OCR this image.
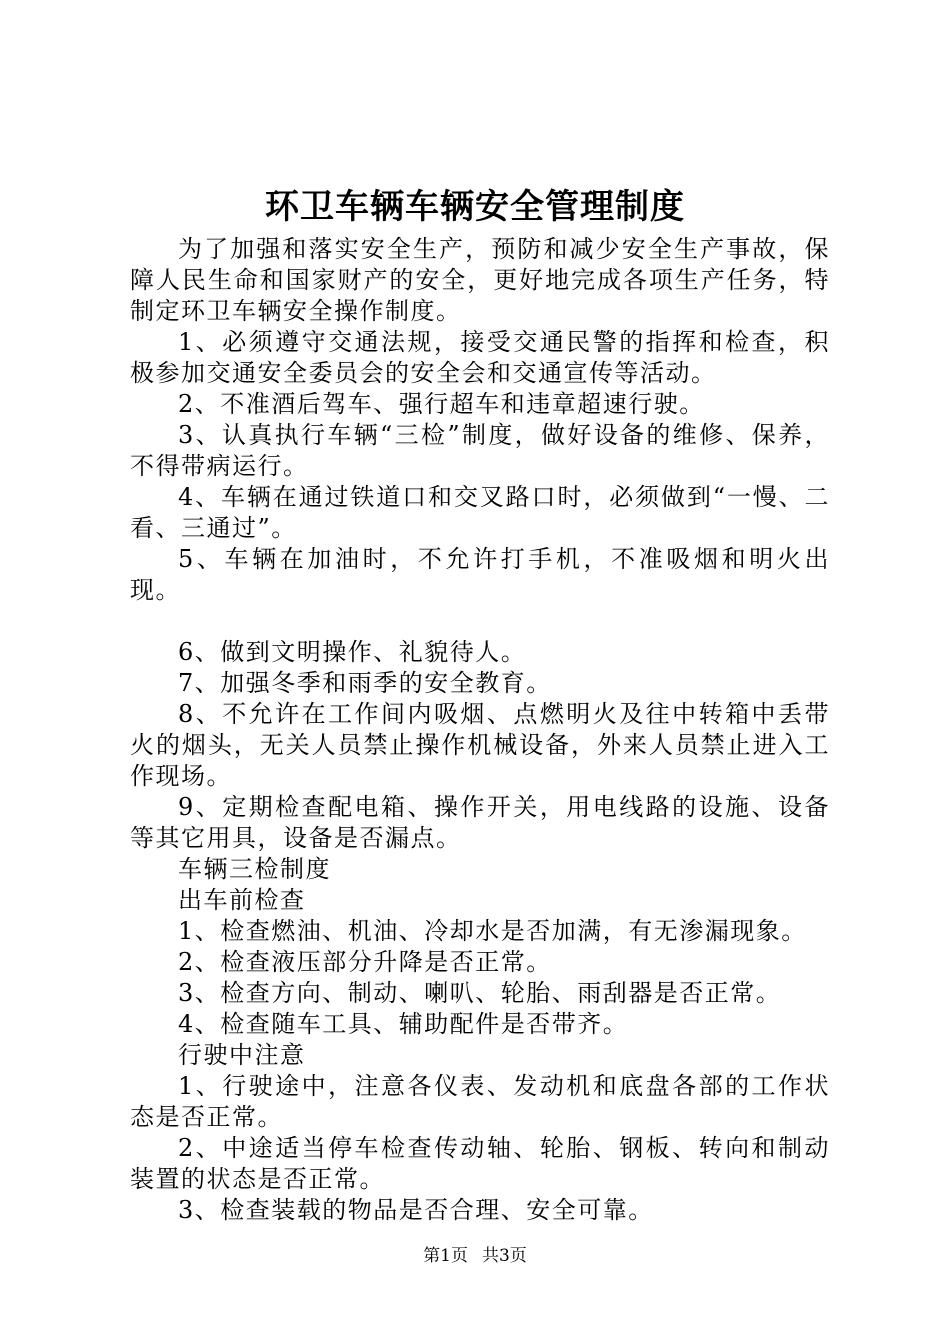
环卫车辆车辆安全管理制度

为了加强和落实安全生产，预防和减少安全生产事故，保障人民生命和国家财产的安全，更好地完成各项生产任务，特制定环卫车辆安全操作制度。

1、必须遵守交通法规，接受交通民警的指挥和检查，积极参加交通安全委员会的安全会和交通宣传等活动。

2、不准酒后驾车、强行超车和违章超速行驶。

3、认真执行车辆“三检”制度，做好设备的维修、保养，不得带病运行。

4、车辆在通过铁道口和交叉路口时，必须做到“一慢、二看、三通过”。

5、车辆在加油时，不允许打手机，不准吸烟和明火出现。

6、做到文明操作、礼貌待人。

7、加强冬季和雨季的安全教育。

8、不允许在工作间内吸烟、点燃明火及往中转箱中丢带火的烟头，无关人员禁止操作机械设备，外来人员禁止进入工作现场。

9、定期检查配电箱、操作开关，用电线路的设施、设备等其它用具，设备是否漏点。

车辆三检制度

出车前检查

1、检查燃油、机油、冷却水是否加满，有无渗漏现象。

2、检查液压部分升降是否正常。

3、检查方向、制动、喇叭、轮胎、雨刮器是否正常。

4、检查随车工具、辅助配件是否带齐。

行驶中注意

1、行驶途中，注意各仪表、发动机和底盘各部的工作状态是否正常。

2、中途适当停车检查传动轴、轮胎、钢板、转向和制动装置的状态是否正常。

3、检查装载的物品是否合理、安全可靠。

第1页 共3页
